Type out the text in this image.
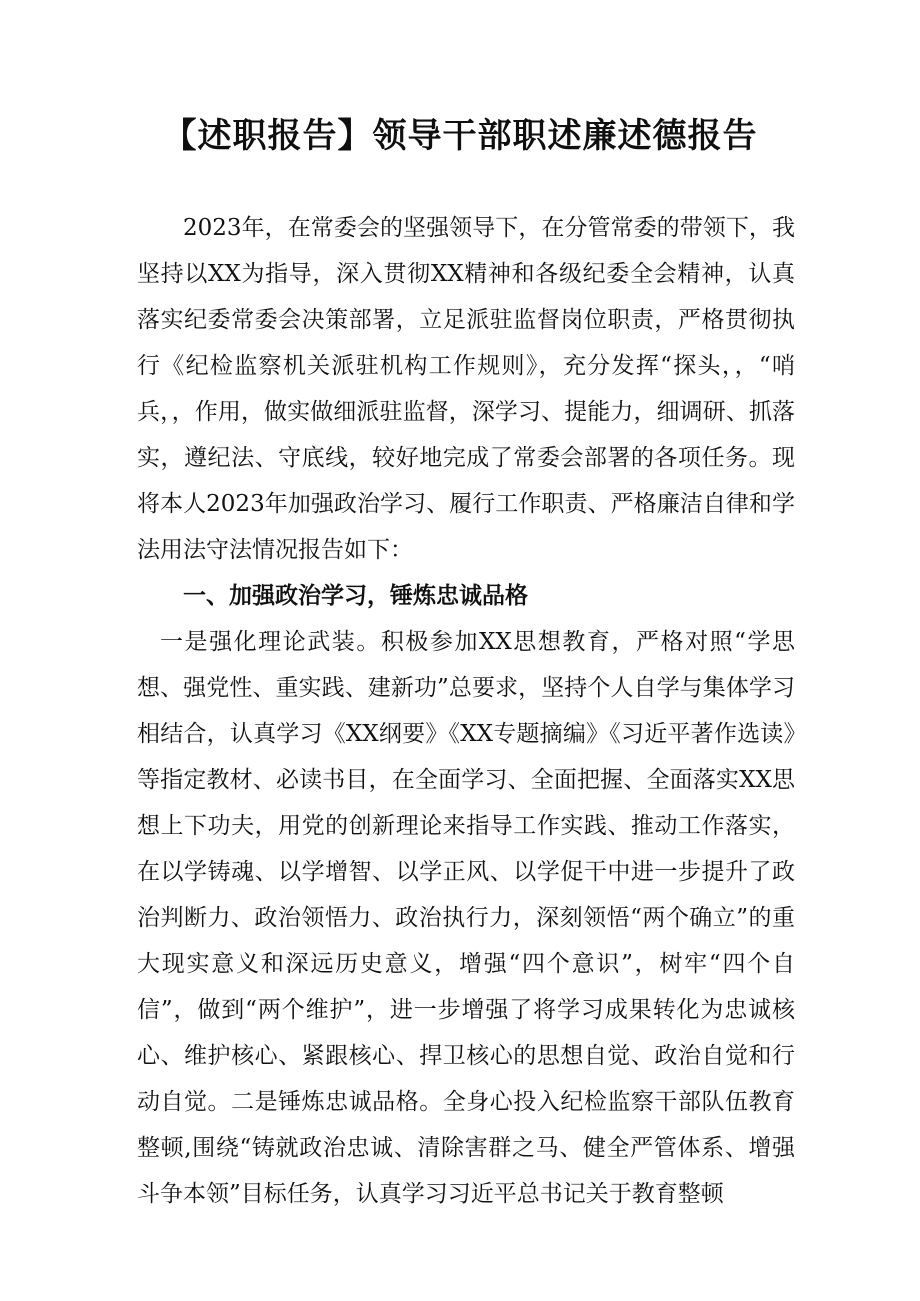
【述职报告】领导干部职述廉述德报告

2023年，在常委会的坚强领导下，在分管常委的带领下，我坚持以XX为指导，深入贯彻XX精神和各级纪委全会精神，认真落实纪委常委会决策部署，立足派驻监督岗位职责，严格贯彻执行《纪检监察机关派驻机构工作规则》，充分发挥“探头，，“哨兵，，作用，做实做细派驻监督，深学习、提能力，细调研、抓落实，遵纪法、守底线，较好地完成了常委会部署的各项任务。现将本人2023年加强政治学习、履行工作职责、严格廉洁自律和学法用法守法情况报告如下：

一、加强政治学习，锤炼忠诚品格

一是强化理论武装。积极参加XX思想教育，严格对照“学思想、强党性、重实践、建新功”总要求，坚持个人自学与集体学习相结合，认真学习《XX纲要》《XX专题摘编》《习近平著作选读》等指定教材、必读书目，在全面学习、全面把握、全面落实XX思想上下功夫，用党的创新理论来指导工作实践、推动工作落实，在以学铸魂、以学增智、以学正风、以学促干中进一步提升了政治判断力、政治领悟力、政治执行力，深刻领悟“两个确立”的重大现实意义和深远历史意义，增强“四个意识”，树牢“四个自信”，做到“两个维护”，进一步增强了将学习成果转化为忠诚核心、维护核心、紧跟核心、捍卫核心的思想自觉、政治自觉和行动自觉。二是锤炼忠诚品格。全身心投入纪检监察干部队伍教育整顿,围绕“铸就政治忠诚、清除害群之马、健全严管体系、增强斗争本领”目标任务，认真学习习近平总书记关于教育整顿
